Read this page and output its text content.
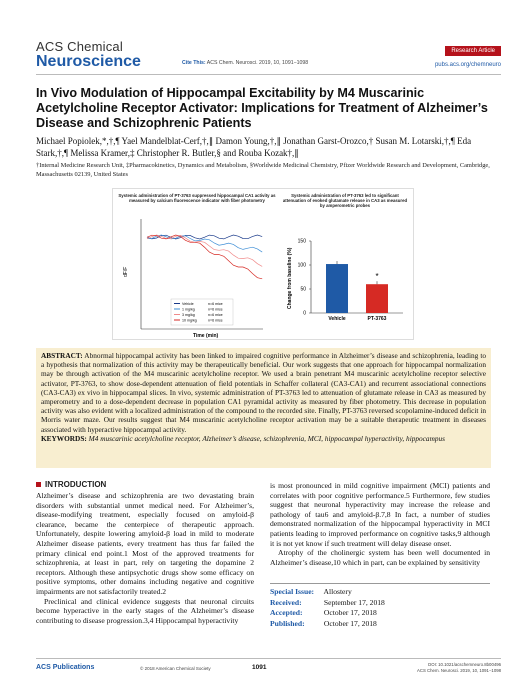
ACS Chemical
Neuroscience	Cite This: ACS Chem. Neurosci. 2019, 10, 1091−1098
Research Article
pubs.acs.org/chemneuro
In Vivo Modulation of Hippocampal Excitability by M4 Muscarinic Acetylcholine Receptor Activator: Implications for Treatment of Alzheimer’s Disease and Schizophrenic Patients
Michael Popiolek,*,†,¶ Yael Mandelblat-Cerf,†,∥ Damon Young,†,∥ Jonathan Garst-Orozco,† Susan M. Lotarski,†,¶ Eda Stark,†,¶ Melissa Kramer,‡ Christopher R. Butler,§ and Rouba Kozak†,∥
†Internal Medicine Research Unit, ‡Pharmacokinetics, Dynamics and Metabolism, §Worldwide Medicinal Chemistry, Pfizer Worldwide Research and Development, Cambridge, Massachusetts 02139, United States
Systemic administration of PT-3763 suppressed hippocampal CA1 activity as measured by calcium fluorescence indicator with fiber photometry
Systemic administration of PT-3763 led to significant attenuation of evoked glutamate release in CA3 as measured by amperometric probes
dF/F
Time (min)
Vehicle	n=6 mice
1 mg/kg	n=6 mice
3 mg/kg	n=6 mice
10 mg/kg	n=6 mice
Change from baseline (%)
0
50
100
150
Vehicle	PT-3763
*
ABSTRACT: Abnormal hippocampal activity has been linked to impaired cognitive performance in Alzheimer’s disease and schizophrenia, leading to a hypothesis that normalization of this activity may be therapeutically beneficial. Our work suggests that one approach for hippocampal normalization may be through activation of the M4 muscarinic acetylcholine receptor. We used a brain penetrant M4 muscarinic acetylcholine receptor selective activator, PT-3763, to show dose-dependent attenuation of field potentials in Schaffer collateral (CA3-CA1) and recurrent associational connections (CA3-CA3) ex vivo in hippocampal slices. In vivo, systemic administration of PT-3763 led to attenuation of glutamate release in CA3 as measured by amperometry and to a dose-dependent decrease in population CA1 pyramidal activity as measured by fiber photometry. This decrease in population activity was also evident with a localized administration of the compound to the recorded site. Finally, PT-3763 reversed scopolamine-induced deficit in Morris water maze. Our results suggest that M4 muscarinic acetylcholine receptor activation may be a suitable therapeutic treatment in diseases associated with hyperactive hippocampal activity.
KEYWORDS: M4 muscarinic acetylcholine receptor, Alzheimer’s disease, schizophrenia, MCI, hippocampal hyperactivity, hippocampus
INTRODUCTION

Alzheimer’s disease and schizophrenia are two devastating brain disorders with substantial unmet medical need. For Alzheimer’s, disease-modifying treatment, especially focused on amyloid-β clearance, became the centerpiece of therapeutic approach. Unfortunately, despite lowering amyloid-β load in mild to moderate Alzheimer disease patients, every treatment has thus far failed the primary clinical end point.1 Most of the approved treatments for schizophrenia, at least in part, rely on targeting the dopamine 2 receptors. Although these antipsychotic drugs show some efficacy on positive symptoms, other domains including negative and cognitive impairments are not satisfactorily treated.2

Preclinical and clinical evidence suggests that neuronal circuits become hyperactive in the early stages of the Alzheimer’s disease contributing to disease progression.3,4 Hippocampal hyperactivity

is most pronounced in mild cognitive impairment (MCI) patients and correlates with poor cognitive performance.5 Furthermore, few studies suggest that neuronal hyperactivity may increase the release and pathology of tau6 and amyloid-β.7,8 In fact, a number of studies demonstrated normalization of the hippocampal hyperactivity in MCI patients leading to improved performance on cognitive tasks,9 although it is not yet know if such treatment will delay disease onset.

Atrophy of the cholinergic system has been well documented in Alzheimer’s disease,10 which in part, can be explained by sensitivity

Special Issue: Allostery
Received:	September 17, 2018
Accepted:	October 17, 2018
Published:	October 17, 2018
ACS Publications	© 2018 American Chemical Society	1091	DOI: 10.1021/acschemneuro.8b00496
ACS Chem. Neurosci. 2019, 10, 1091−1098
